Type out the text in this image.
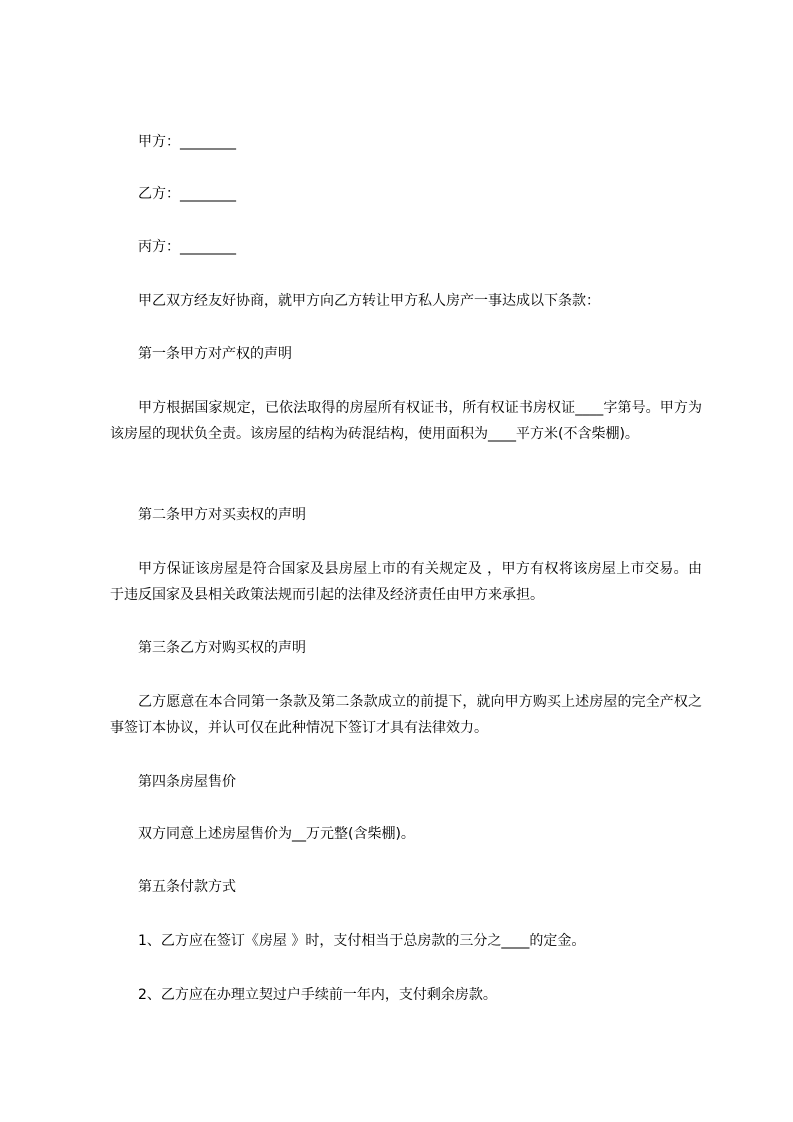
甲方：________

乙方：________

丙方：________

甲乙双方经友好协商，就甲方向乙方转让甲方私人房产一事达成以下条款：

第一条甲方对产权的声明

甲方根据国家规定，已依法取得的房屋所有权证书，所有权证书房权证____字第号。甲方为该房屋的现状负全责。该房屋的结构为砖混结构，使用面积为____平方米(不含柴棚)。

第二条甲方对买卖权的声明

甲方保证该房屋是符合国家及县房屋上市的有关规定及 ，甲方有权将该房屋上市交易。由于违反国家及县相关政策法规而引起的法律及经济责任由甲方来承担。

第三条乙方对购买权的声明

乙方愿意在本合同第一条款及第二条款成立的前提下，就向甲方购买上述房屋的完全产权之事签订本协议，并认可仅在此种情况下签订才具有法律效力。

第四条房屋售价

双方同意上述房屋售价为__万元整(含柴棚)。

第五条付款方式

1、乙方应在签订《房屋 》时，支付相当于总房款的三分之____的定金。

2、乙方应在办理立契过户手续前一年内，支付剩余房款。
